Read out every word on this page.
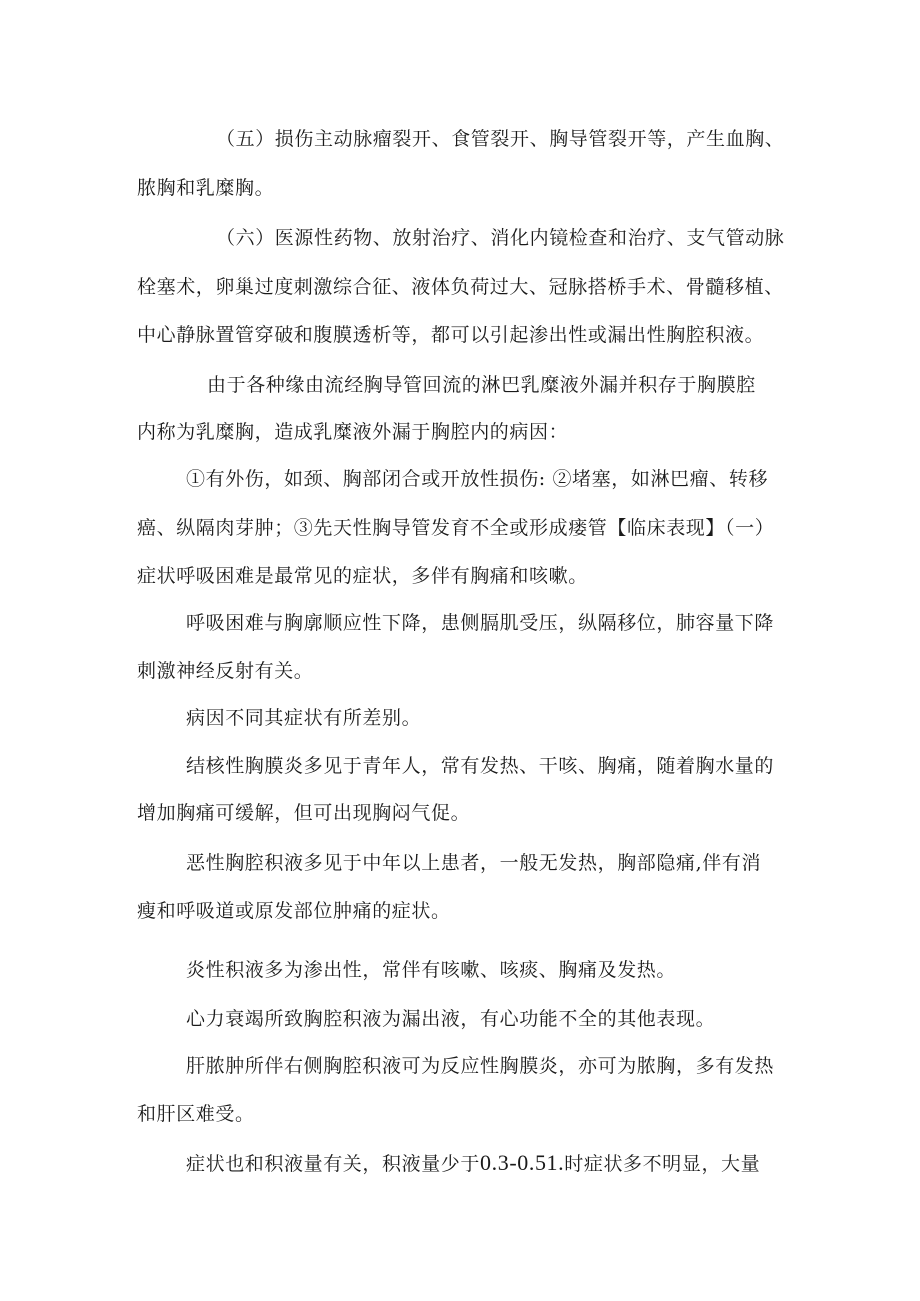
（五）损伤主动脉瘤裂开、食管裂开、胸导管裂开等，产生血胸、
脓胸和乳糜胸。
（六）医源性药物、放射治疗、消化内镜检查和治疗、支气管动脉
栓塞术，卵巢过度刺激综合征、液体负荷过大、冠脉搭桥手术、骨髓移植、
中心静脉置管穿破和腹膜透析等，都可以引起渗出性或漏出性胸腔积液。
由于各种缘由流经胸导管回流的淋巴乳糜液外漏并积存于胸膜腔
内称为乳糜胸，造成乳糜液外漏于胸腔内的病因：
①有外伤，如颈、胸部闭合或开放性损伤: ②堵塞，如淋巴瘤、转移
癌、纵隔肉芽肿；③先天性胸导管发育不全或形成瘘管【临床表现】（一）
症状呼吸困难是最常见的症状，多伴有胸痛和咳嗽。
呼吸困难与胸廓顺应性下降，患侧膈肌受压，纵隔移位，肺容量下降
刺激神经反射有关。
病因不同其症状有所差别。
结核性胸膜炎多见于青年人，常有发热、干咳、胸痛，随着胸水量的
增加胸痛可缓解，但可出现胸闷气促。
恶性胸腔积液多见于中年以上患者，一般无发热，胸部隐痛,伴有消
瘦和呼吸道或原发部位肿痛的症状。
炎性积液多为渗出性，常伴有咳嗽、咳痰、胸痛及发热。
心力衰竭所致胸腔积液为漏出液，有心功能不全的其他表现。
肝脓肿所伴右侧胸腔积液可为反应性胸膜炎，亦可为脓胸，多有发热
和肝区难受。
症状也和积液量有关，积液量少于0.3-0.51.时症状多不明显，大量
